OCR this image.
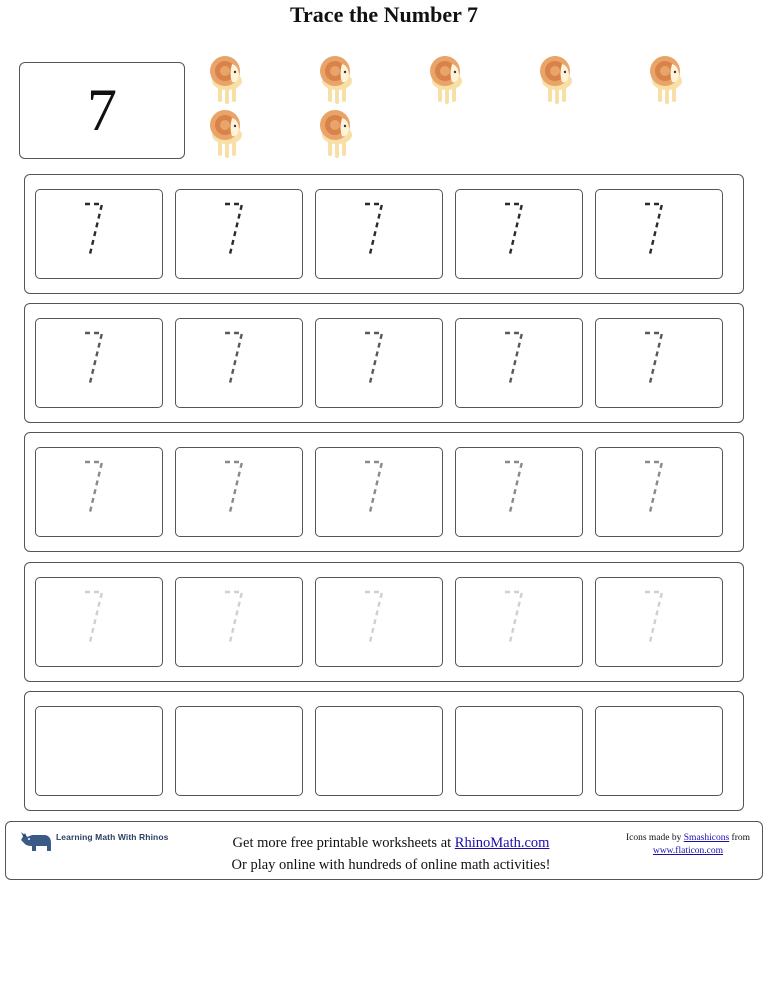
Trace the Number 7
7
Learning Math With Rhinos	Get more free printable worksheets at RhinoMath.com
Or play online with hundreds of online math activities!
Icons made by Smashicons from
www.flaticon.com
